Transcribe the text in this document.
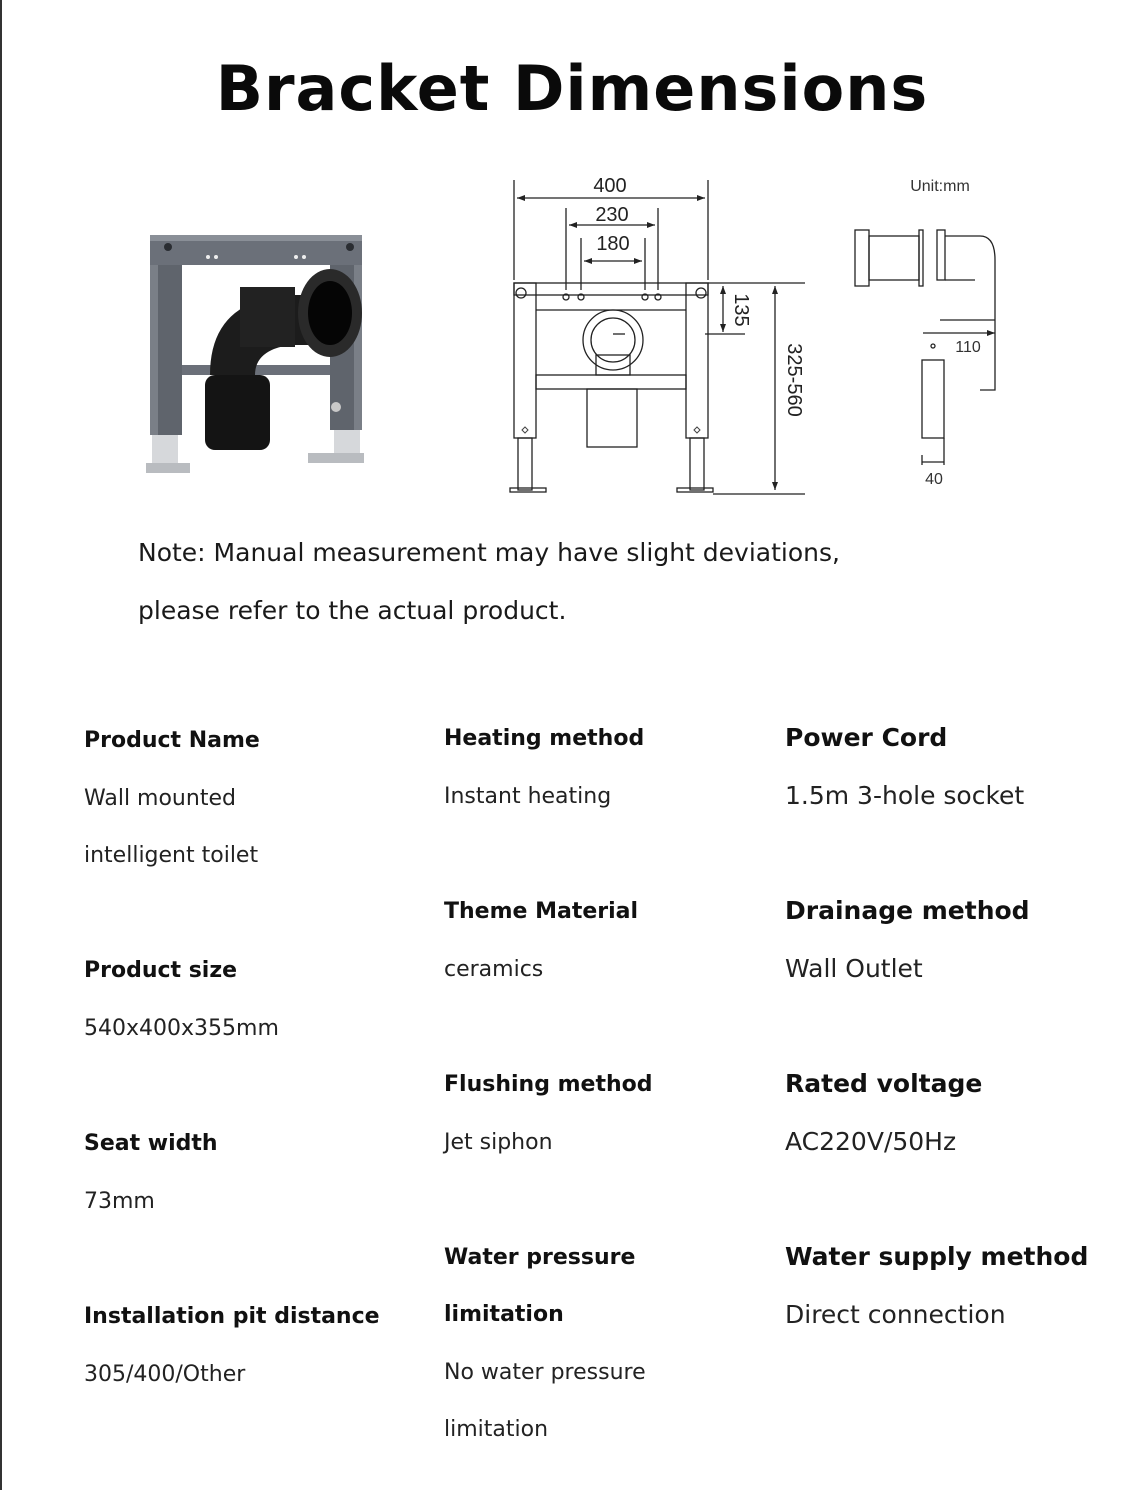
Bracket Dimensions
400
230
180
135
325-560
Unit:mm
110
40
Note: Manual measurement may have slight deviations,
please refer to the actual product.
Product Name
Wall mounted
intelligent toilet
Product size
540x400x355mm
Seat width
73mm
Installation pit distance
305/400/Other
Heating method
Instant heating
Theme Material
ceramics
Flushing method
Jet siphon
Water pressure
limitation
No water pressure
limitation
Power Cord
1.5m 3-hole socket
Drainage method
Wall Outlet
Rated voltage
AC220V/50Hz
Water supply method
Direct connection
